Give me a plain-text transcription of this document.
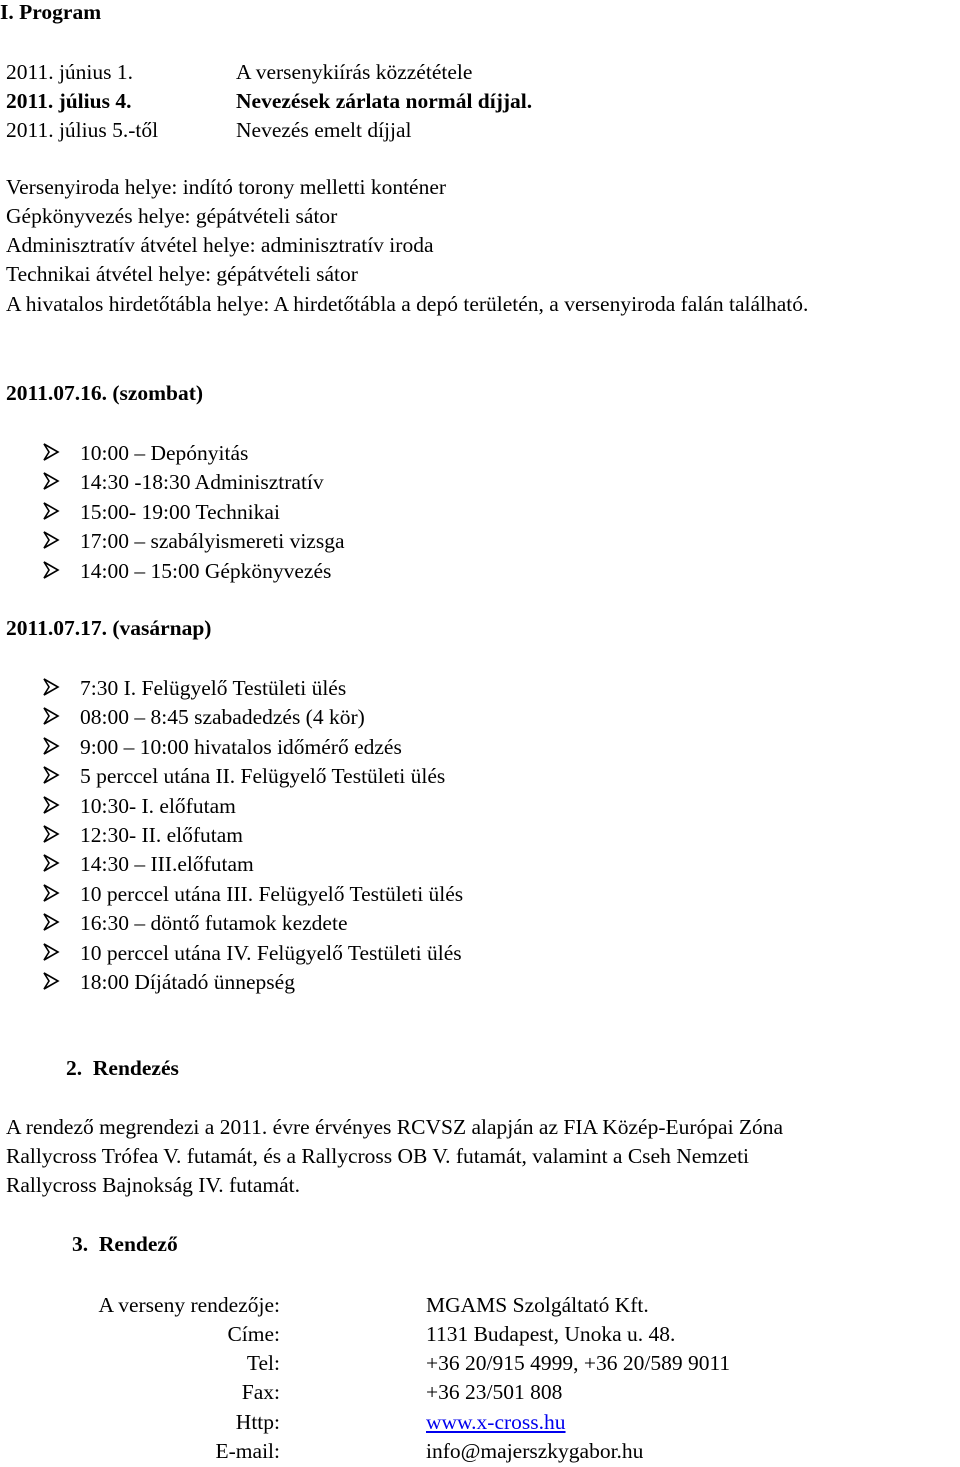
I. Program
2011. június 1.	A versenykiírás közzététele
2011. július 4.	Nevezések zárlata normál díjjal.
2011. július 5.-től	Nevezés emelt díjjal
Versenyiroda helye: indító torony melletti konténer
Gépkönyvezés helye: gépátvételi sátor
Adminisztratív átvétel helye: adminisztratív iroda
Technikai átvétel helye: gépátvételi sátor
A hivatalos hirdetőtábla helye: A hirdetőtábla a depó területén, a versenyiroda falán található.
2011.07.16. (szombat)
10:00 – Depónyitás
14:30 -18:30 Adminisztratív
15:00- 19:00 Technikai
17:00 – szabályismereti vizsga
14:00 – 15:00 Gépkönyvezés
2011.07.17. (vasárnap)
7:30 I. Felügyelő Testületi ülés
08:00 – 8:45 szabadedzés (4 kör)
9:00 – 10:00 hivatalos időmérő edzés
5 perccel utána II. Felügyelő Testületi ülés
10:30- I. előfutam
12:30- II. előfutam
14:30 – III.előfutam
10 perccel utána III. Felügyelő Testületi ülés
16:30 – döntő futamok kezdete
10 perccel utána IV. Felügyelő Testületi ülés
18:00 Díjátadó ünnepség
2. Rendezés
A rendező megrendezi a 2011. évre érvényes RCVSZ alapján az FIA Közép-Európai Zóna
Rallycross Trófea V. futamát, és a Rallycross OB V. futamát, valamint a Cseh Nemzeti
Rallycross Bajnokság IV. futamát.
3. Rendező
A verseny rendezője:	MGAMS Szolgáltató Kft.
Címe:	1131 Budapest, Unoka u. 48.
Tel:	+36 20/915 4999, +36 20/589 9011
Fax:	+36 23/501 808
Http:	www.x-cross.hu
E-mail:	info@majerszkygabor.hu
